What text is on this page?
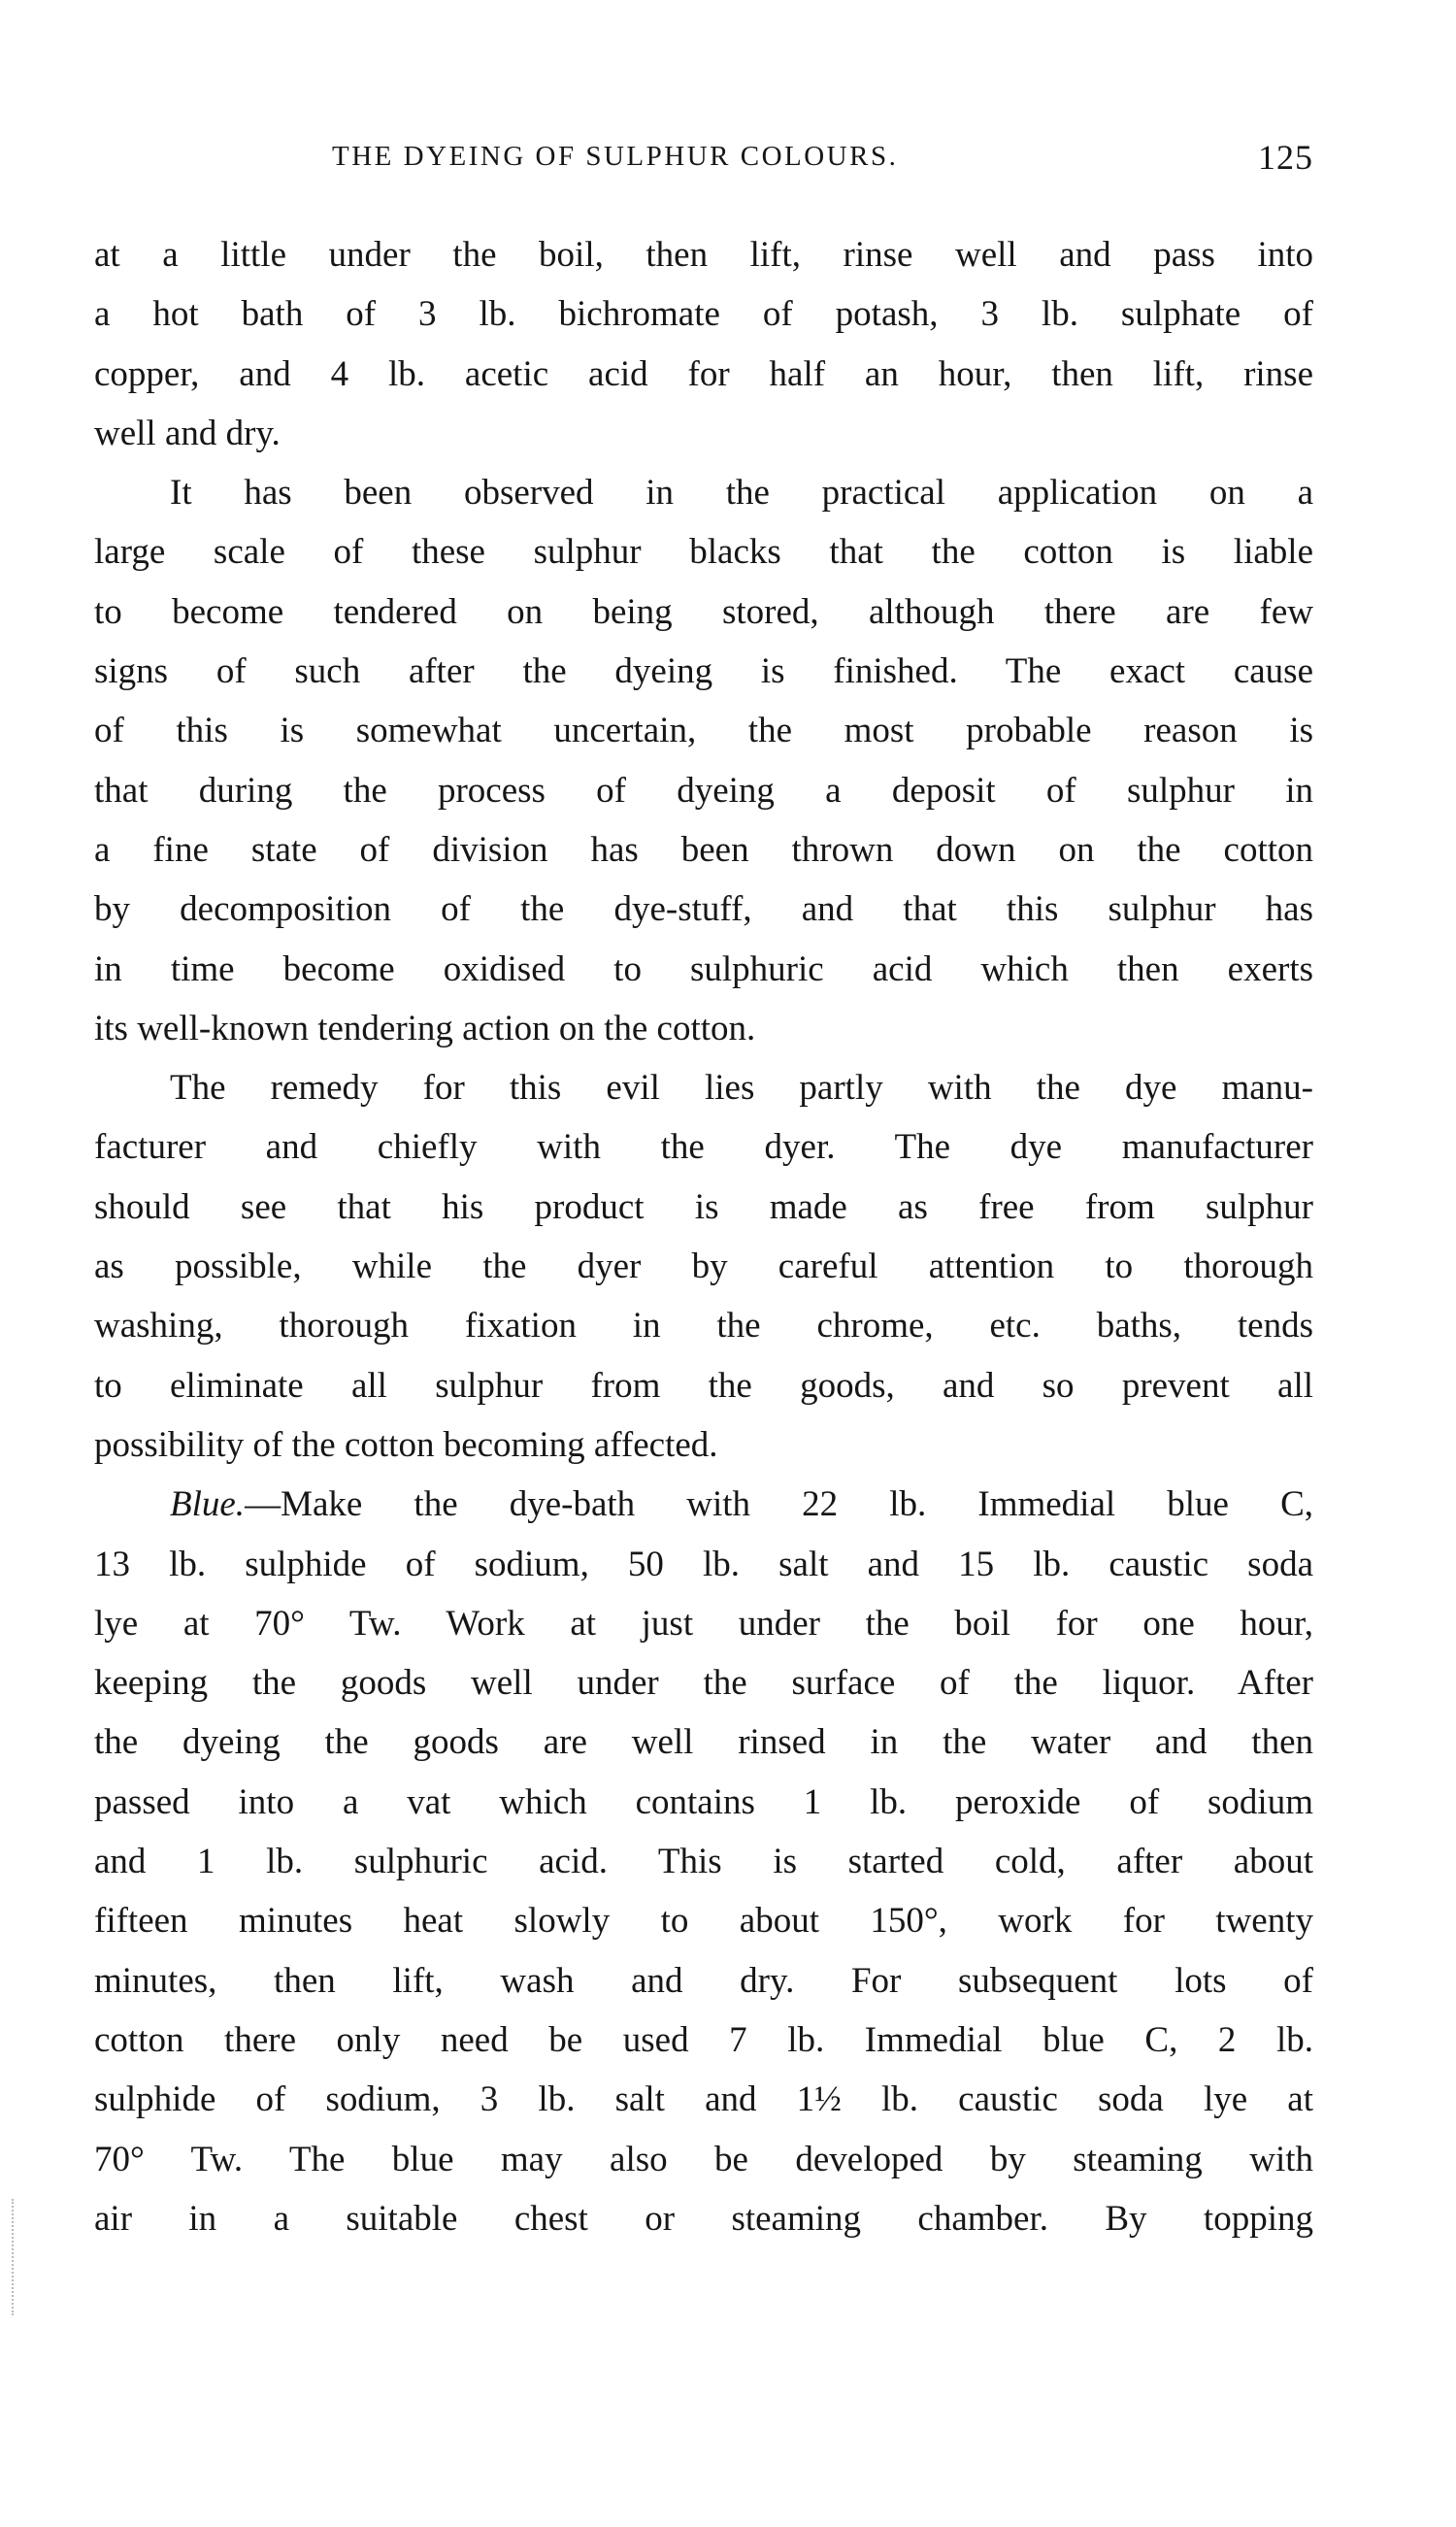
THE DYEING OF SULPHUR COLOURS.	125
at a little under the boil, then lift, rinse well and pass into
a hot bath of 3 lb. bichromate of potash, 3 lb. sulphate of
copper, and 4 lb. acetic acid for half an hour, then lift, rinse
well and dry.
It has been observed in the practical application on a
large scale of these sulphur blacks that the cotton is liable
to become tendered on being stored, although there are few
signs of such after the dyeing is finished. The exact cause
of this is somewhat uncertain, the most probable reason is
that during the process of dyeing a deposit of sulphur in
a fine state of division has been thrown down on the cotton
by decomposition of the dye-stuff, and that this sulphur has
in time become oxidised to sulphuric acid which then exerts
its well-known tendering action on the cotton.
The remedy for this evil lies partly with the dye manu-
facturer and chiefly with the dyer. The dye manufacturer
should see that his product is made as free from sulphur
as possible, while the dyer by careful attention to thorough
washing, thorough fixation in the chrome, etc. baths, tends
to eliminate all sulphur from the goods, and so prevent all
possibility of the cotton becoming affected.
Blue.—Make the dye-bath with 22 lb. Immedial blue C,
13 lb. sulphide of sodium, 50 lb. salt and 15 lb. caustic soda
lye at 70° Tw. Work at just under the boil for one hour,
keeping the goods well under the surface of the liquor. After
the dyeing the goods are well rinsed in the water and then
passed into a vat which contains 1 lb. peroxide of sodium
and 1 lb. sulphuric acid. This is started cold, after about
fifteen minutes heat slowly to about 150°, work for twenty
minutes, then lift, wash and dry. For subsequent lots of
cotton there only need be used 7 lb. Immedial blue C, 2 lb.
sulphide of sodium, 3 lb. salt and 1½ lb. caustic soda lye at
70° Tw. The blue may also be developed by steaming with
air in a suitable chest or steaming chamber. By topping
